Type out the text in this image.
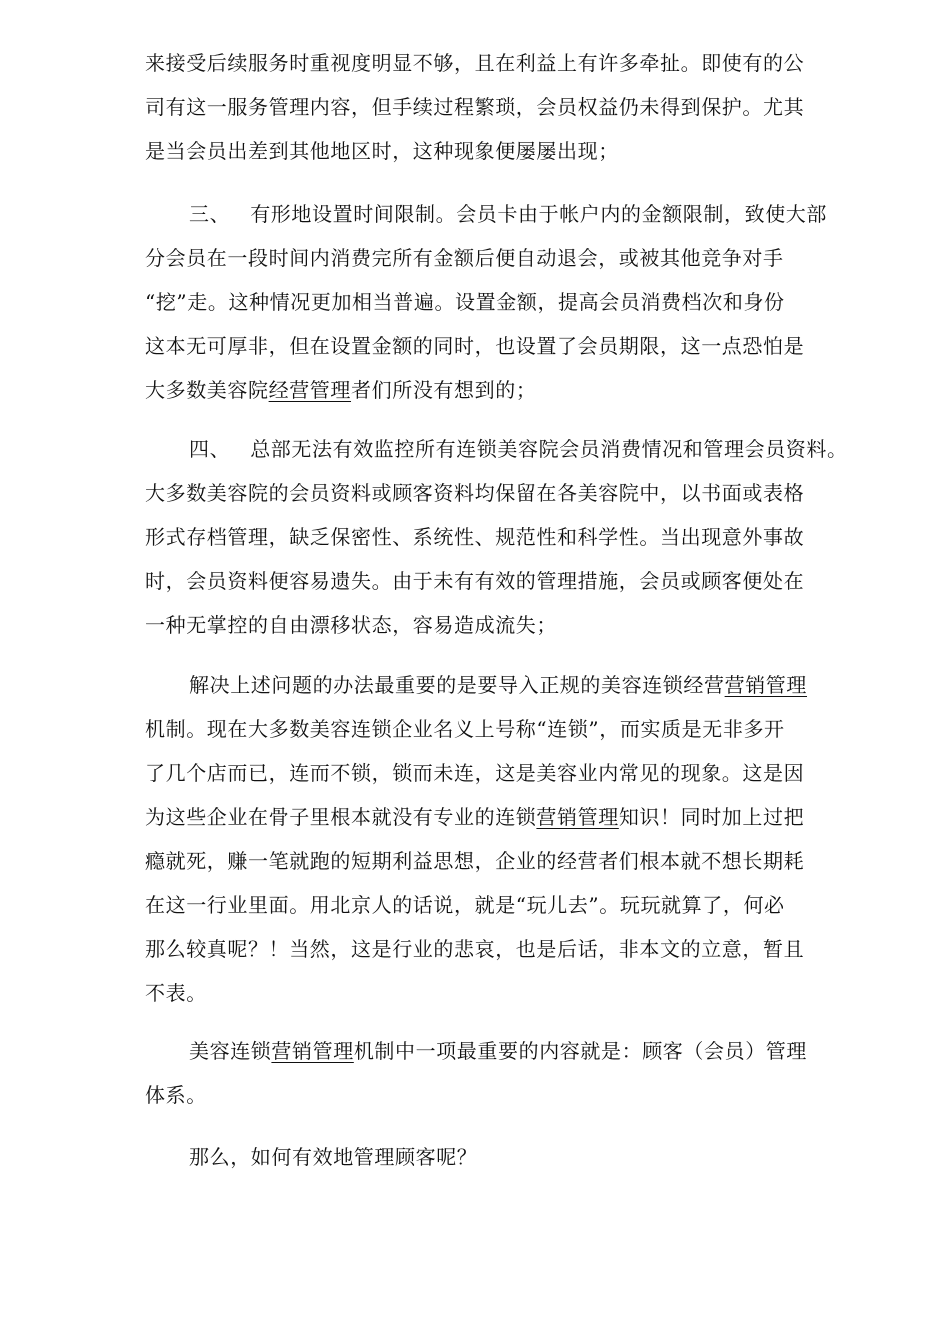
来接受后续服务时重视度明显不够，且在利益上有许多牵扯。即使有的公
司有这一服务管理内容，但手续过程繁琐，会员权益仍未得到保护。尤其
是当会员出差到其他地区时，这种现象便屡屡出现；
三、 有形地设置时间限制。会员卡由于帐户内的金额限制，致使大部
分会员在一段时间内消费完所有金额后便自动退会，或被其他竞争对手
“挖”走。这种情况更加相当普遍。设置金额，提高会员消费档次和身份
这本无可厚非，但在设置金额的同时，也设置了会员期限，这一点恐怕是
大多数美容院经营管理者们所没有想到的；
四、 总部无法有效监控所有连锁美容院会员消费情况和管理会员资料。
大多数美容院的会员资料或顾客资料均保留在各美容院中，以书面或表格
形式存档管理，缺乏保密性、系统性、规范性和科学性。当出现意外事故
时，会员资料便容易遗失。由于未有有效的管理措施，会员或顾客便处在
一种无掌控的自由漂移状态，容易造成流失；
解决上述问题的办法最重要的是要导入正规的美容连锁经营营销管理
机制。现在大多数美容连锁企业名义上号称“连锁”，而实质是无非多开
了几个店而已，连而不锁，锁而未连，这是美容业内常见的现象。这是因
为这些企业在骨子里根本就没有专业的连锁营销管理知识！同时加上过把
瘾就死，赚一笔就跑的短期利益思想，企业的经营者们根本就不想长期耗
在这一行业里面。用北京人的话说，就是“玩儿去”。玩玩就算了，何必
那么较真呢？！当然，这是行业的悲哀，也是后话，非本文的立意，暂且
不表。
美容连锁营销管理机制中一项最重要的内容就是：顾客（会员）管理
体系。
那么，如何有效地管理顾客呢？
